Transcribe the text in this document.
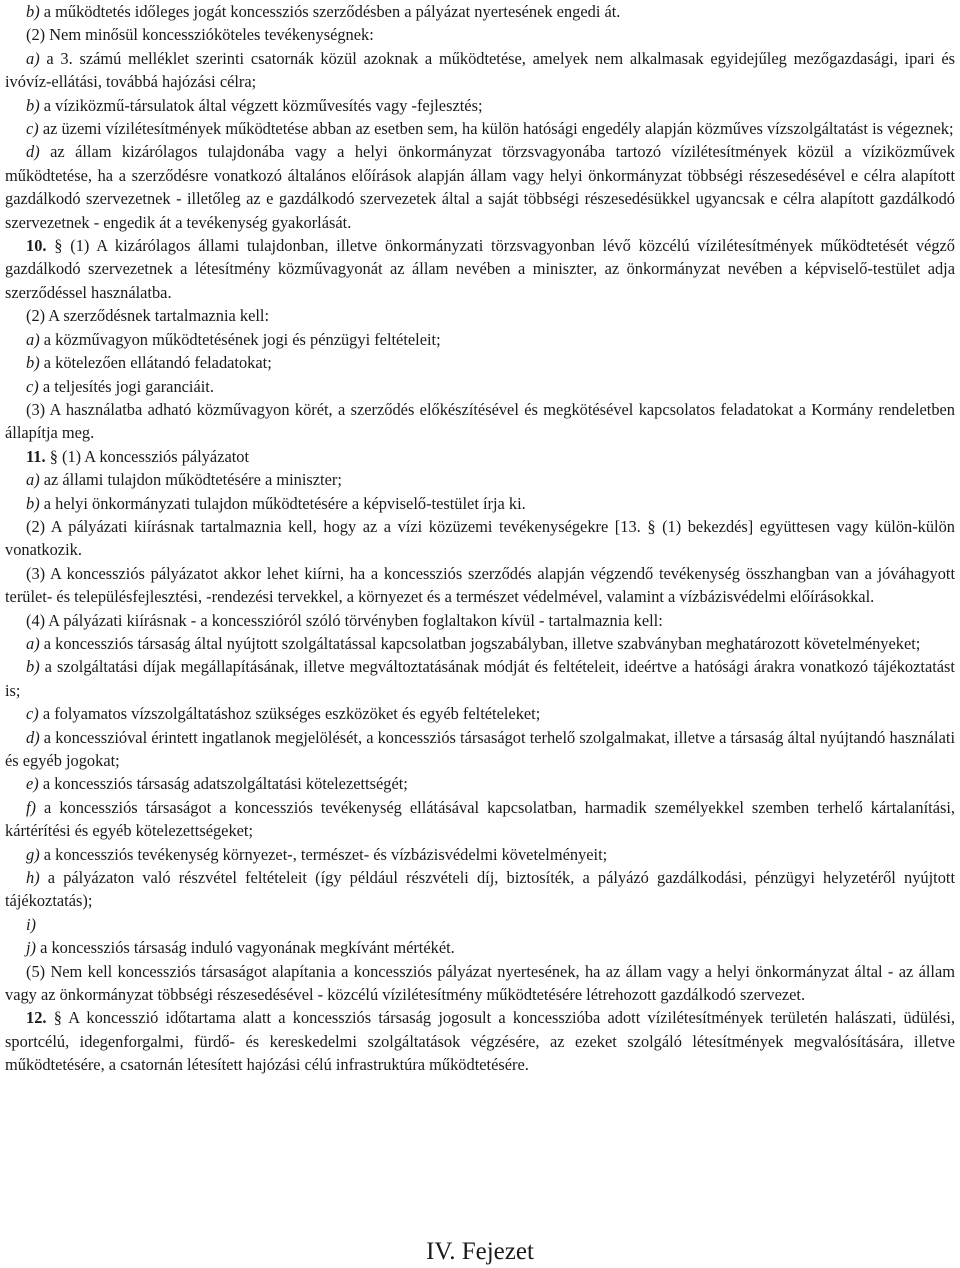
b) a működtetés időleges jogát koncessziós szerződésben a pályázat nyertesének engedi át.

(2) Nem minősül koncesszióköteles tevékenységnek:

a) a 3. számú melléklet szerinti csatornák közül azoknak a működtetése, amelyek nem alkalmasak egyidejűleg mezőgazdasági, ipari és ivóvíz-ellátási, továbbá hajózási célra;

b) a víziközmű-társulatok által végzett közművesítés vagy -fejlesztés;

c) az üzemi vízilétesítmények működtetése abban az esetben sem, ha külön hatósági engedély alapján közműves vízszolgáltatást is végeznek;

d) az állam kizárólagos tulajdonába vagy a helyi önkormányzat törzsvagyonába tartozó vízilétesítmények közül a víziközművek működtetése, ha a szerződésre vonatkozó általános előírások alapján állam vagy helyi önkormányzat többségi részesedésével e célra alapított gazdálkodó szervezetnek - illetőleg az e gazdálkodó szervezetek által a saját többségi részesedésükkel ugyancsak e célra alapított gazdálkodó szervezetnek - engedik át a tevékenység gyakorlását.

10. § (1) A kizárólagos állami tulajdonban, illetve önkormányzati törzsvagyonban lévő közcélú vízilétesítmények működtetését végző gazdálkodó szervezetnek a létesítmény közművagyonát az állam nevében a miniszter, az önkormányzat nevében a képviselő-testület adja szerződéssel használatba.

(2) A szerződésnek tartalmaznia kell:

a) a közművagyon működtetésének jogi és pénzügyi feltételeit;

b) a kötelezően ellátandó feladatokat;

c) a teljesítés jogi garanciáit.

(3) A használatba adható közművagyon körét, a szerződés előkészítésével és megkötésével kapcsolatos feladatokat a Kormány rendeletben állapítja meg.

11. § (1) A koncessziós pályázatot

a) az állami tulajdon működtetésére a miniszter;

b) a helyi önkormányzati tulajdon működtetésére a képviselő-testület írja ki.

(2) A pályázati kiírásnak tartalmaznia kell, hogy az a vízi közüzemi tevékenységekre [13. § (1) bekezdés] együttesen vagy külön-külön vonatkozik.

(3) A koncessziós pályázatot akkor lehet kiírni, ha a koncessziós szerződés alapján végzendő tevékenység összhangban van a jóváhagyott terület- és településfejlesztési, -rendezési tervekkel, a környezet és a természet védelmével, valamint a vízbázisvédelmi előírásokkal.

(4) A pályázati kiírásnak - a koncesszióról szóló törvényben foglaltakon kívül - tartalmaznia kell:

a) a koncessziós társaság által nyújtott szolgáltatással kapcsolatban jogszabályban, illetve szabványban meghatározott követelményeket;

b) a szolgáltatási díjak megállapításának, illetve megváltoztatásának módját és feltételeit, ideértve a hatósági árakra vonatkozó tájékoztatást is;

c) a folyamatos vízszolgáltatáshoz szükséges eszközöket és egyéb feltételeket;

d) a koncesszióval érintett ingatlanok megjelölését, a koncessziós társaságot terhelő szolgalmakat, illetve a társaság által nyújtandó használati és egyéb jogokat;

e) a koncessziós társaság adatszolgáltatási kötelezettségét;

f) a koncessziós társaságot a koncessziós tevékenység ellátásával kapcsolatban, harmadik személyekkel szemben terhelő kártalanítási, kártérítési és egyéb kötelezettségeket;

g) a koncessziós tevékenység környezet-, természet- és vízbázisvédelmi követelményeit;

h) a pályázaton való részvétel feltételeit (így például részvételi díj, biztosíték, a pályázó gazdálkodási, pénzügyi helyzetéről nyújtott tájékoztatás);

i)

j) a koncessziós társaság induló vagyonának megkívánt mértékét.

(5) Nem kell koncessziós társaságot alapítania a koncessziós pályázat nyertesének, ha az állam vagy a helyi önkormányzat által - az állam vagy az önkormányzat többségi részesedésével - közcélú vízilétesítmény működtetésére létrehozott gazdálkodó szervezet.

12. § A koncesszió időtartama alatt a koncessziós társaság jogosult a koncesszióba adott vízilétesítmények területén halászati, üdülési, sportcélú, idegenforgalmi, fürdő- és kereskedelmi szolgáltatások végzésére, az ezeket szolgáló létesítmények megvalósítására, illetve működtetésére, a csatornán létesített hajózási célú infrastruktúra működtetésére.

IV. Fejezet
